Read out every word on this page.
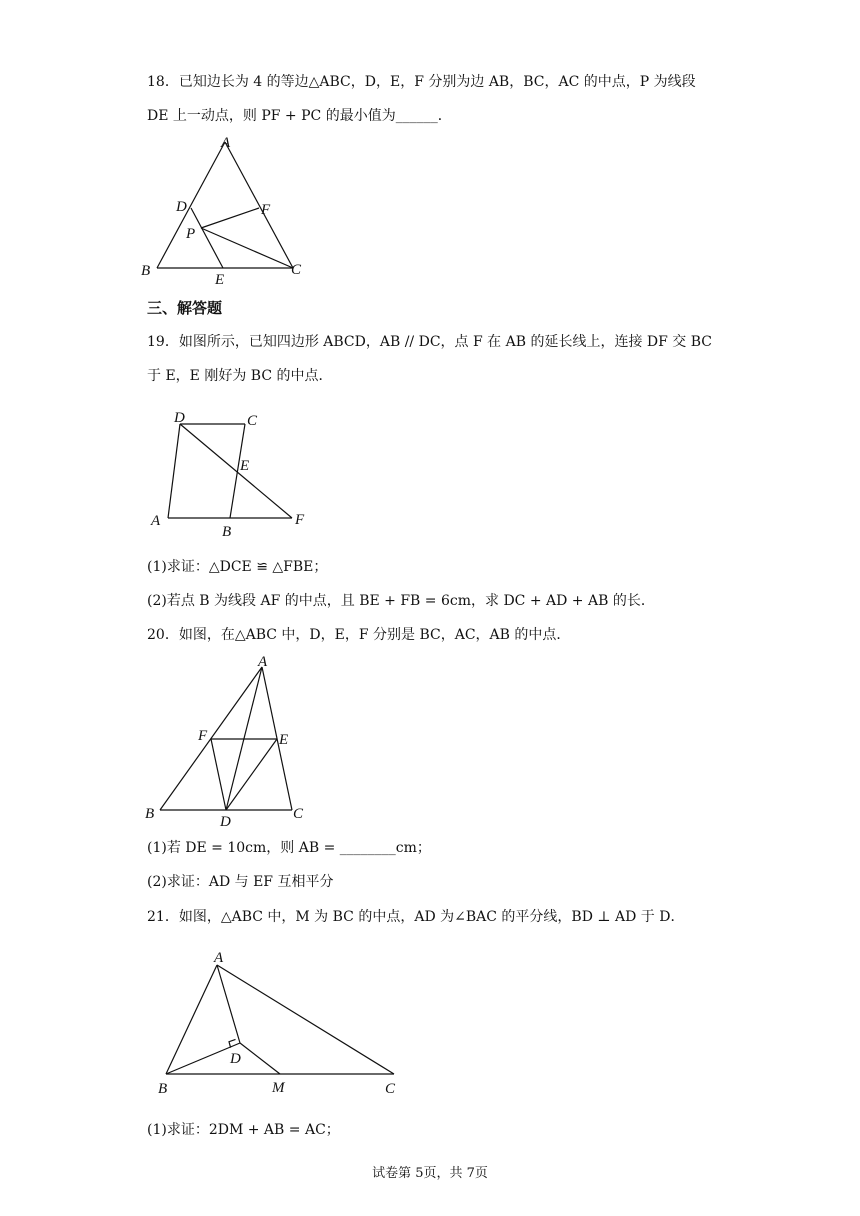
18．已知边长为 4 的等边△ABC，D，E，F 分别为边 AB，BC，AC 的中点，P 为线段
DE 上一动点，则 PF + PC 的最小值为______．
A
B	C
D
E
F
P
三、解答题
19．如图所示，已知四边形 ABCD，AB // DC，点 F 在 AB 的延长线上，连接 DF 交 BC
于 E，E 刚好为 BC 的中点．
D	C
E
A
B
F
(1)求证：△DCE ≌ △FBE；
(2)若点 B 为线段 AF 的中点，且 BE + FB = 6cm，求 DC + AD + AB 的长．
20．如图，在△ABC 中，D，E，F 分别是 BC，AC，AB 的中点．
A
F	E
B	D	C
(1)若 DE = 10cm，则 AB = ________cm；
(2)求证：AD 与 EF 互相平分
21．如图，△ABC 中，M 为 BC 的中点，AD 为∠BAC 的平分线，BD ⊥ AD 于 D．
A
D
B	M	C
(1)求证：2DM + AB = AC；
试卷第 5页，共 7页
